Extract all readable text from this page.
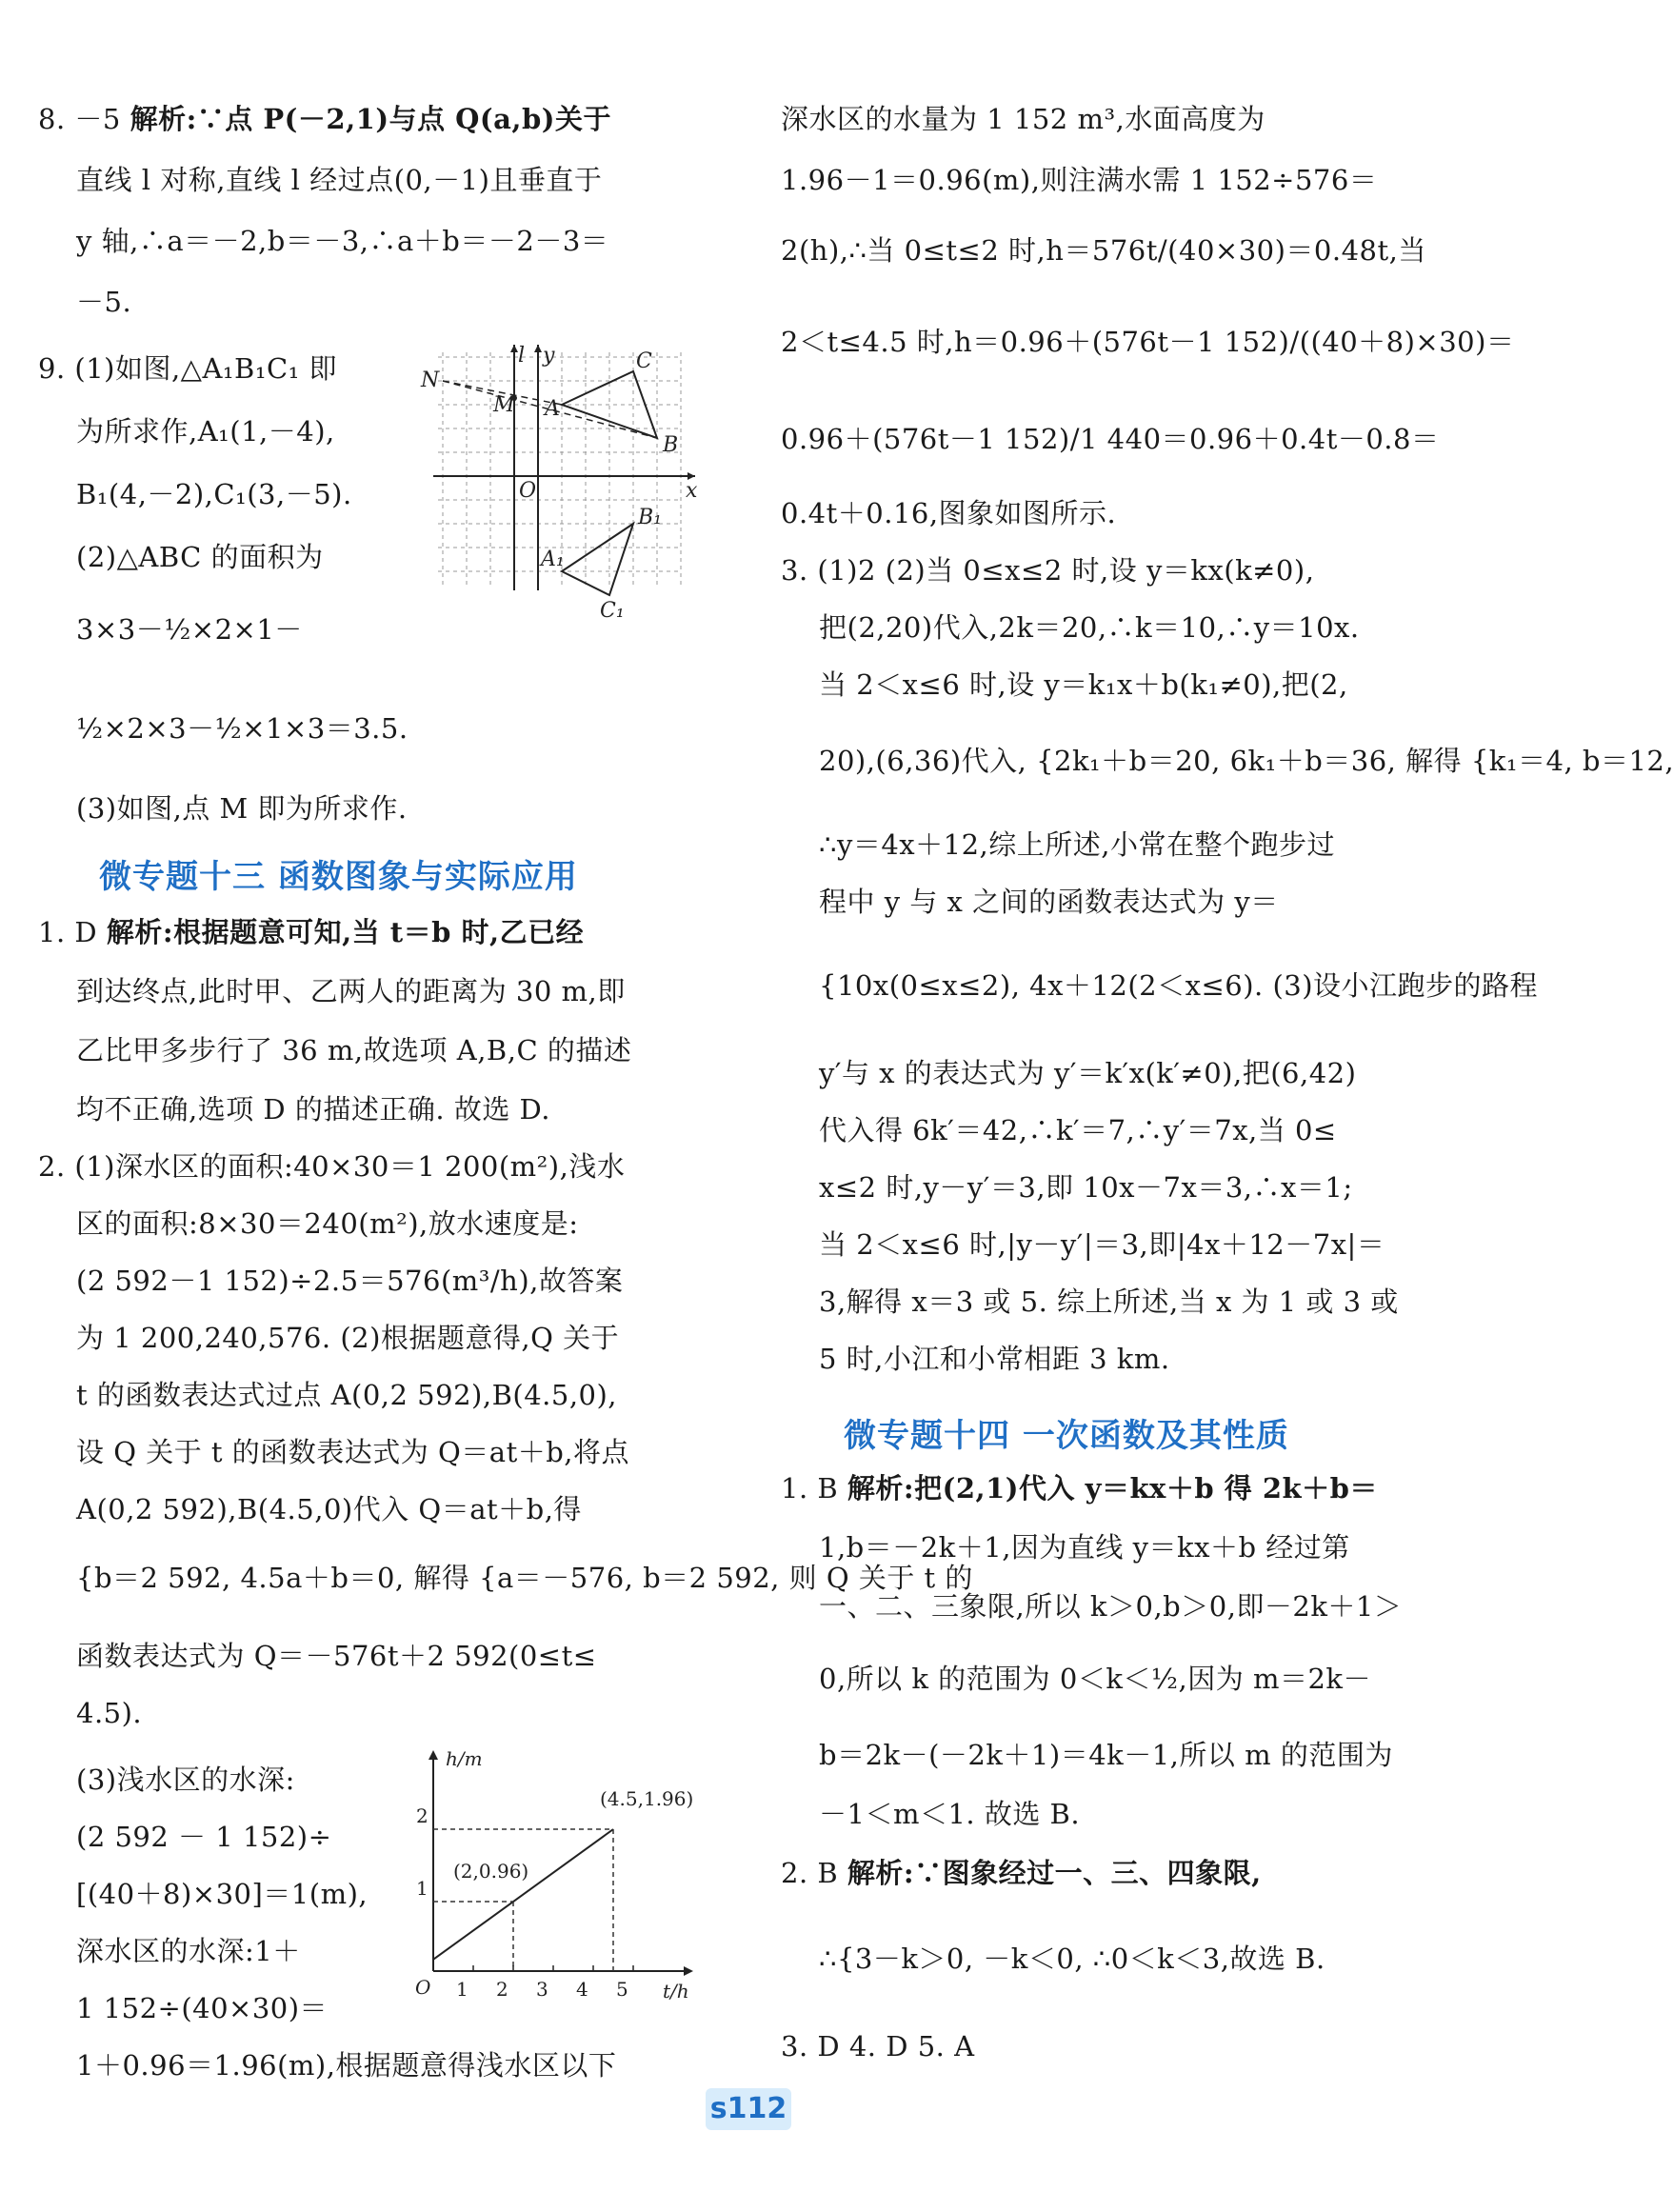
8. －5 解析:∵点 P(－2,1)与点 Q(a,b)关于
直线 l 对称,直线 l 经过点(0,－1)且垂直于
y 轴,∴a＝－2,b＝－3,∴a＋b＝－2－3＝
－5.
9. (1)如图,△A₁B₁C₁ 即
为所求作,A₁(1,－4),
B₁(4,－2),C₁(3,－5).
(2)△ABC 的面积为
3×3－½×2×1－
½×2×3－½×1×3＝3.5.
(3)如图,点 M 即为所求作.
l y
x
O
N
M A
B
C
A₁
B₁
C₁
微专题十三 函数图象与实际应用
1. D 解析:根据题意可知,当 t＝b 时,乙已经
到达终点,此时甲、乙两人的距离为 30 m,即
乙比甲多步行了 36 m,故选项 A,B,C 的描述
均不正确,选项 D 的描述正确. 故选 D.
2. (1)深水区的面积:40×30＝1 200(m²),浅水
区的面积:8×30＝240(m²),放水速度是:
(2 592－1 152)÷2.5＝576(m³/h),故答案
为 1 200,240,576. (2)根据题意得,Q 关于
t 的函数表达式过点 A(0,2 592),B(4.5,0),
设 Q 关于 t 的函数表达式为 Q＝at＋b,将点
A(0,2 592),B(4.5,0)代入 Q＝at＋b,得
{b＝2 592, 4.5a＋b＝0, 解得 {a＝－576, b＝2 592, 则 Q 关于 t 的
函数表达式为 Q＝－576t＋2 592(0≤t≤
4.5).
(3)浅水区的水深:
(2 592 － 1 152)÷
[(40＋8)×30]＝1(m),
深水区的水深:1＋
1 152÷(40×30)＝
1＋0.96＝1.96(m),根据题意得浅水区以下
h/m
t/h
O 1 2 3 4 5
1
2
(2,0.96)
(4.5,1.96)
深水区的水量为 1 152 m³,水面高度为
1.96－1＝0.96(m),则注满水需 1 152÷576＝
2(h),∴当 0≤t≤2 时,h＝576t/(40×30)＝0.48t,当
2＜t≤4.5 时,h＝0.96＋(576t－1 152)/((40＋8)×30)＝
0.96＋(576t－1 152)/1 440＝0.96＋0.4t－0.8＝
0.4t＋0.16,图象如图所示.
3. (1)2 (2)当 0≤x≤2 时,设 y＝kx(k≠0),
把(2,20)代入,2k＝20,∴k＝10,∴y＝10x.
当 2＜x≤6 时,设 y＝k₁x＋b(k₁≠0),把(2,
20),(6,36)代入, {2k₁＋b＝20, 6k₁＋b＝36, 解得 {k₁＝4, b＝12,
∴y＝4x＋12,综上所述,小常在整个跑步过
程中 y 与 x 之间的函数表达式为 y＝
{10x(0≤x≤2), 4x＋12(2＜x≤6). (3)设小江跑步的路程
y′与 x 的表达式为 y′＝k′x(k′≠0),把(6,42)
代入得 6k′＝42,∴k′＝7,∴y′＝7x,当 0≤
x≤2 时,y－y′＝3,即 10x－7x＝3,∴x＝1;
当 2＜x≤6 时,|y－y′|＝3,即|4x＋12－7x|＝
3,解得 x＝3 或 5. 综上所述,当 x 为 1 或 3 或
5 时,小江和小常相距 3 km.
微专题十四 一次函数及其性质
1. B 解析:把(2,1)代入 y＝kx＋b 得 2k＋b＝
1,b＝－2k＋1,因为直线 y＝kx＋b 经过第
一、二、三象限,所以 k＞0,b＞0,即－2k＋1＞
0,所以 k 的范围为 0＜k＜½,因为 m＝2k－
b＝2k－(－2k＋1)＝4k－1,所以 m 的范围为
－1＜m＜1. 故选 B.
2. B 解析:∵图象经过一、三、四象限,
∴{3－k＞0, －k＜0, ∴0＜k＜3,故选 B.
3. D 4. D 5. A
s112
